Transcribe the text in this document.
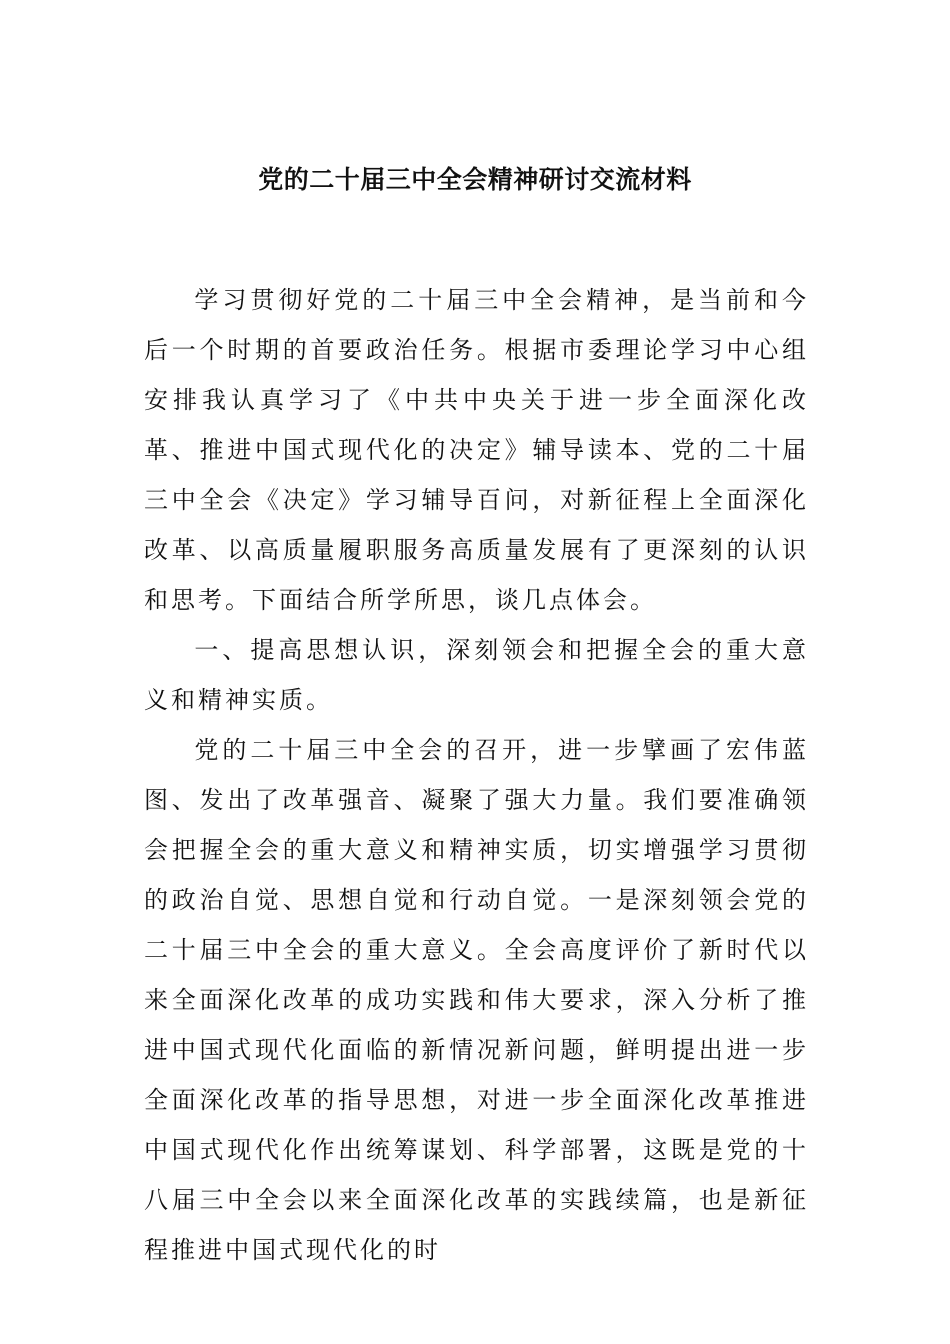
党的二十届三中全会精神研讨交流材料

学习贯彻好党的二十届三中全会精神，是当前和今后一个时期的首要政治任务。根据市委理论学习中心组安排我认真学习了《中共中央关于进一步全面深化改革、推进中国式现代化的决定》辅导读本、党的二十届三中全会《决定》学习辅导百问，对新征程上全面深化改革、以高质量履职服务高质量发展有了更深刻的认识和思考。下面结合所学所思，谈几点体会。

一、提高思想认识，深刻领会和把握全会的重大意义和精神实质。

党的二十届三中全会的召开，进一步擘画了宏伟蓝图、发出了改革强音、凝聚了强大力量。我们要准确领会把握全会的重大意义和精神实质，切实增强学习贯彻的政治自觉、思想自觉和行动自觉。一是深刻领会党的二十届三中全会的重大意义。全会高度评价了新时代以来全面深化改革的成功实践和伟大要求，深入分析了推进中国式现代化面临的新情况新问题，鲜明提出进一步全面深化改革的指导思想，对进一步全面深化改革推进中国式现代化作出统筹谋划、科学部署，这既是党的十八届三中全会以来全面深化改革的实践续篇，也是新征程推进中国式现代化的时
